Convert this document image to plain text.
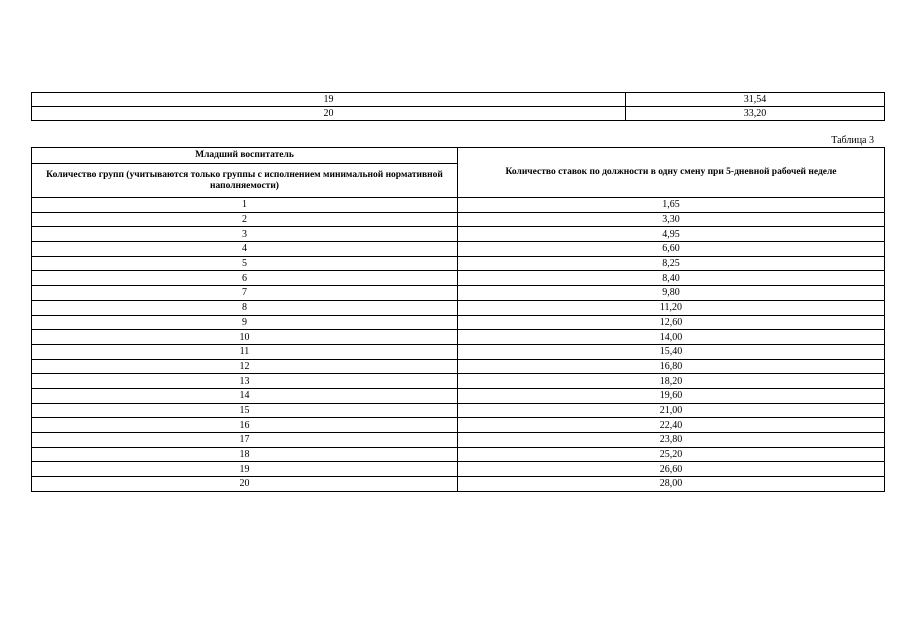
19	31,54
20	33,20
Таблица 3
Младший воспитатель	Количество ставок по должности в одну смену при 5-дневной рабочей неделе
Количество групп (учитываются только группы с исполнением минимальной нормативной наполняемости)	
1	1,65
2	3,30
3	4,95
4	6,60
5	8,25
6	8,40
7	9,80
8	11,20
9	12,60
10	14,00
11	15,40
12	16,80
13	18,20
14	19,60
15	21,00
16	22,40
17	23,80
18	25,20
19	26,60
20	28,00
